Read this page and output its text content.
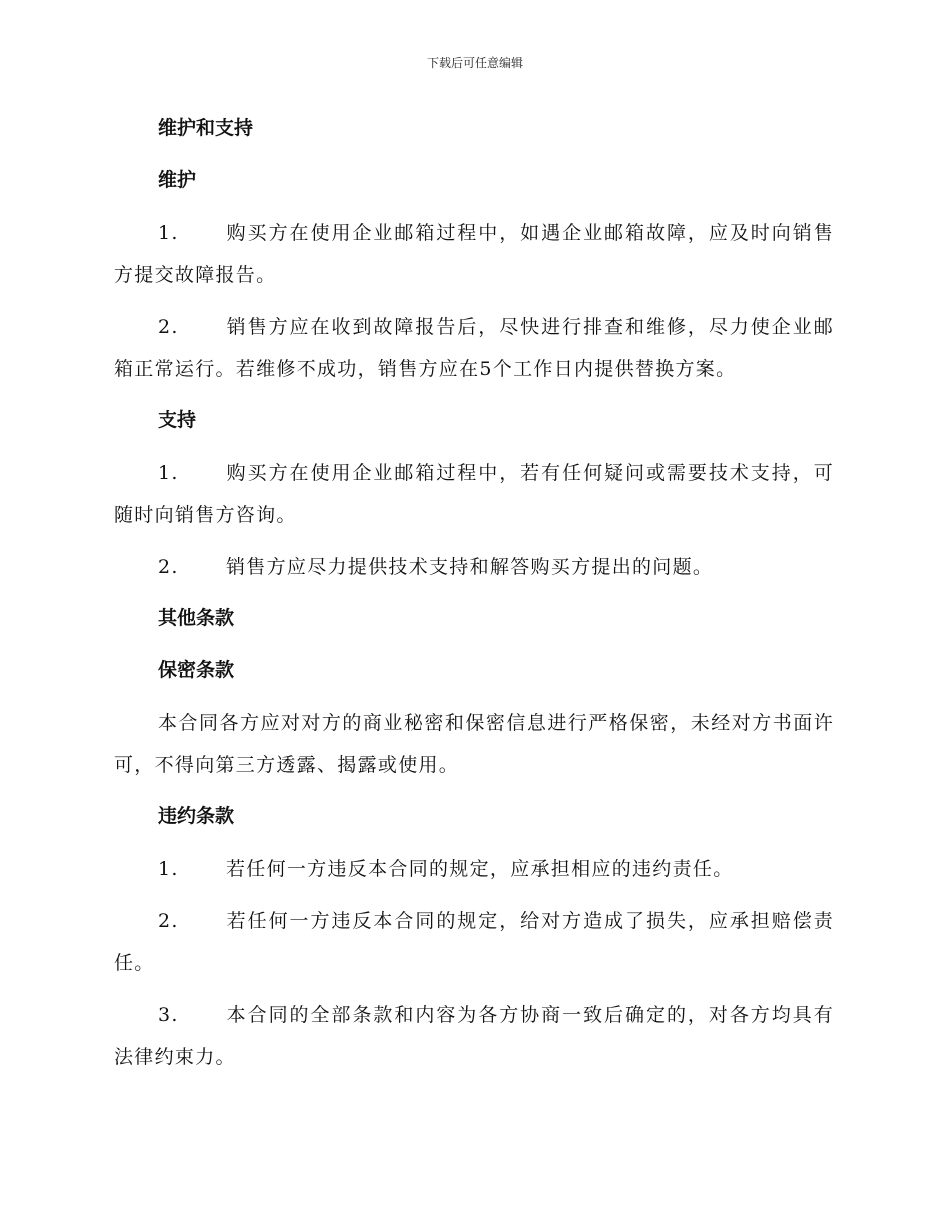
下载后可任意编辑
维护和支持
维护

1. 购买方在使用企业邮箱过程中，如遇企业邮箱故障，应及时向销售方提交故障报告。

2. 销售方应在收到故障报告后，尽快进行排查和维修，尽力使企业邮箱正常运行。若维修不成功，销售方应在5个工作日内提供替换方案。

支持

1. 购买方在使用企业邮箱过程中，若有任何疑问或需要技术支持，可随时向销售方咨询。

2. 销售方应尽力提供技术支持和解答购买方提出的问题。

其他条款
保密条款

本合同各方应对对方的商业秘密和保密信息进行严格保密，未经对方书面许可，不得向第三方透露、揭露或使用。

违约条款

1. 若任何一方违反本合同的规定，应承担相应的违约责任。

2. 若任何一方违反本合同的规定，给对方造成了损失，应承担赔偿责任。

3. 本合同的全部条款和内容为各方协商一致后确定的，对各方均具有法律约束力。
